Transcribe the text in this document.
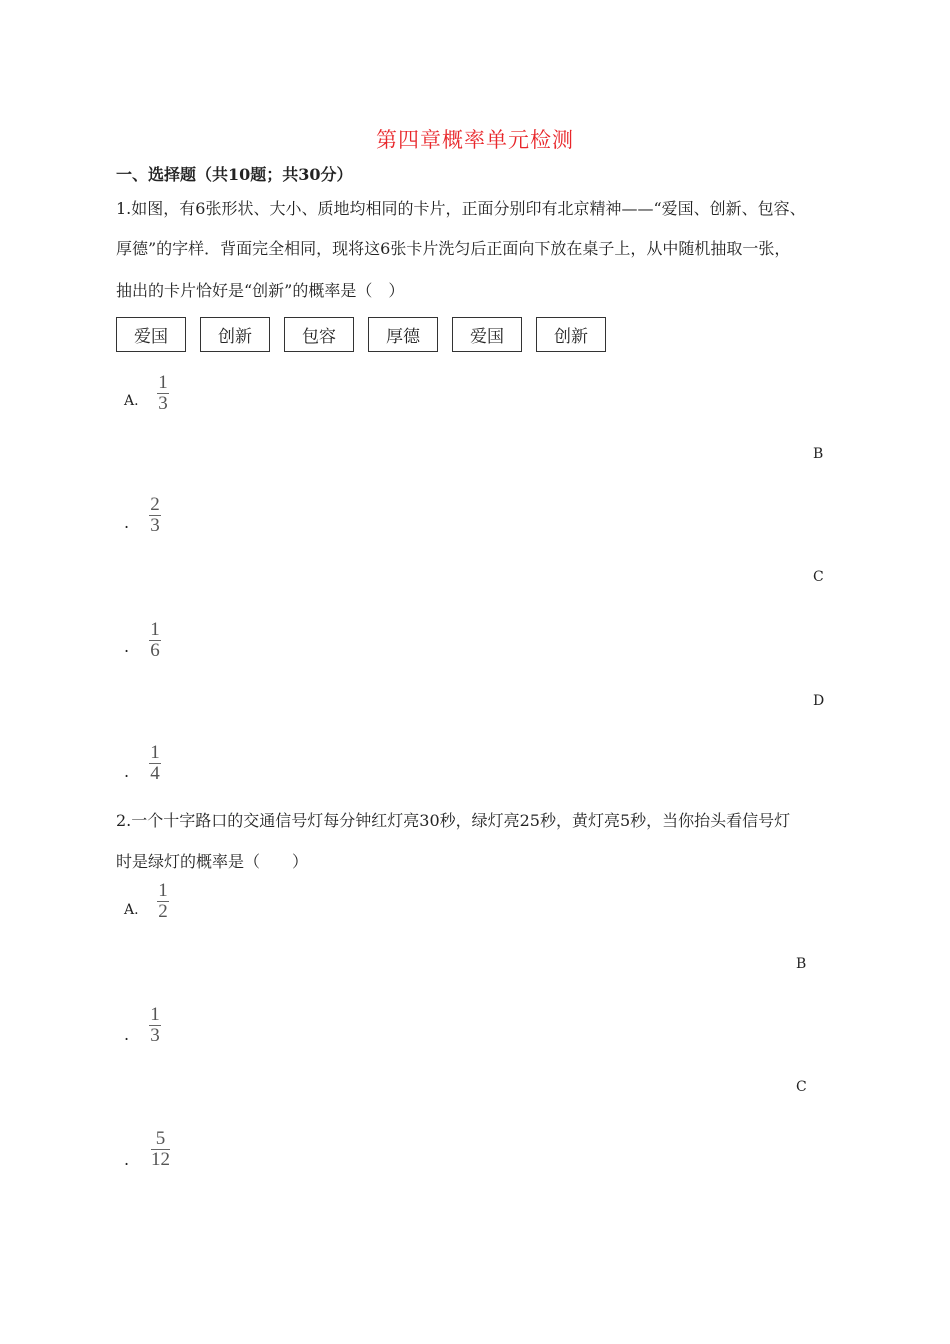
第四章概率单元检测
一、选择题（共10题；共30分）
1.如图，有6张形状、大小、质地均相同的卡片，正面分别印有北京精神——“爱国、创新、包容、
厚德”的字样．背面完全相同，现将这6张卡片洗匀后正面向下放在桌子上，从中随机抽取一张，
抽出的卡片恰好是“创新”的概率是（　）
爱国	创新	包容	厚德	爱国	创新
A.
1
3
B
.
2
3
C
.
1
6
D
.
1
4
2.一个十字路口的交通信号灯每分钟红灯亮30秒，绿灯亮25秒，黄灯亮5秒，当你抬头看信号灯
时是绿灯的概率是（　　）
A.
1
2
B
.
1
3
C
.
5
12
